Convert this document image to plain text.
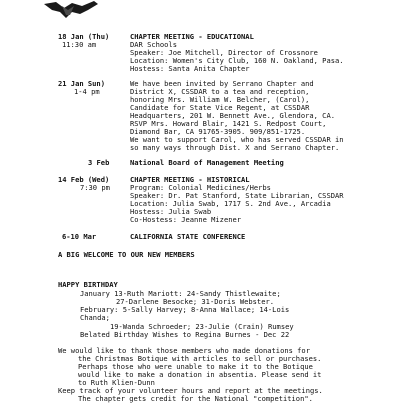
18 Jan (Thu)
11:30 am
CHAPTER MEETING - EDUCATIONAL
DAR Schools
Speaker: Joe Mitchell, Director of Crossnore
Location: Women's City Club, 160 N. Oakland, Pasa.
Hostess: Santa Anita Chapter
21 Jan Sun)
1-4 pm
We have been invited by Serrano Chapter and
District X, CSSDAR to a tea and reception,
honoring Mrs. William W. Belcher, (Carol),
Candidate for State Vice Regent, at CSSDAR
Headquarters, 201 W. Bennett Ave., Glendora, CA.
RSVP Mrs. Howard Blair, 1421 S. Redpost Court,
Diamond Bar, CA 91765-3905. 909/851-1725.
We want to support Carol, who has served CSSDAR in
so many ways through Dist. X and Serrano Chapter.
3 Feb	National Board of Management Meeting
14 Feb (Wed)
7:30 pm
CHAPTER MEETING - HISTORICAL
Program: Colonial Medicines/Herbs
Speaker: Dr. Pat Stanford, State Librarian, CSSDAR
Location: Julia Swab, 1717 S. 2nd Ave., Arcadia
Hostess: Julia Swab
Co-Hostess: Jeanne Mizener
6-10 Mar	CALIFORNIA STATE CONFERENCE
A BIG WELCOME TO OUR NEW MEMBERS
HAPPY BIRTHDAY
January 13-Ruth Mariott: 24-Sandy Thistlewaite;
27-Darlene Besocke; 31-Doris Webster.
February: 5-Sally Harvey; 8-Anna Wallace; 14-Lois
Chanda;
19-Wanda Schroeder; 23-Julie (Crain) Rumsey
Belated Birthday Wishes to Regina Burnes - Dec 22
We would like to thank those members who made donations for
the Christmas Botique with articles to sell or purchases.
Perhaps those who were unable to make it to the Botique
would like to make a donation in absentia. Please send it
to Ruth Klien-Dunn
Keep track of your volunteer hours and report at the meetings.
The chapter gets credit for the National "competition".
